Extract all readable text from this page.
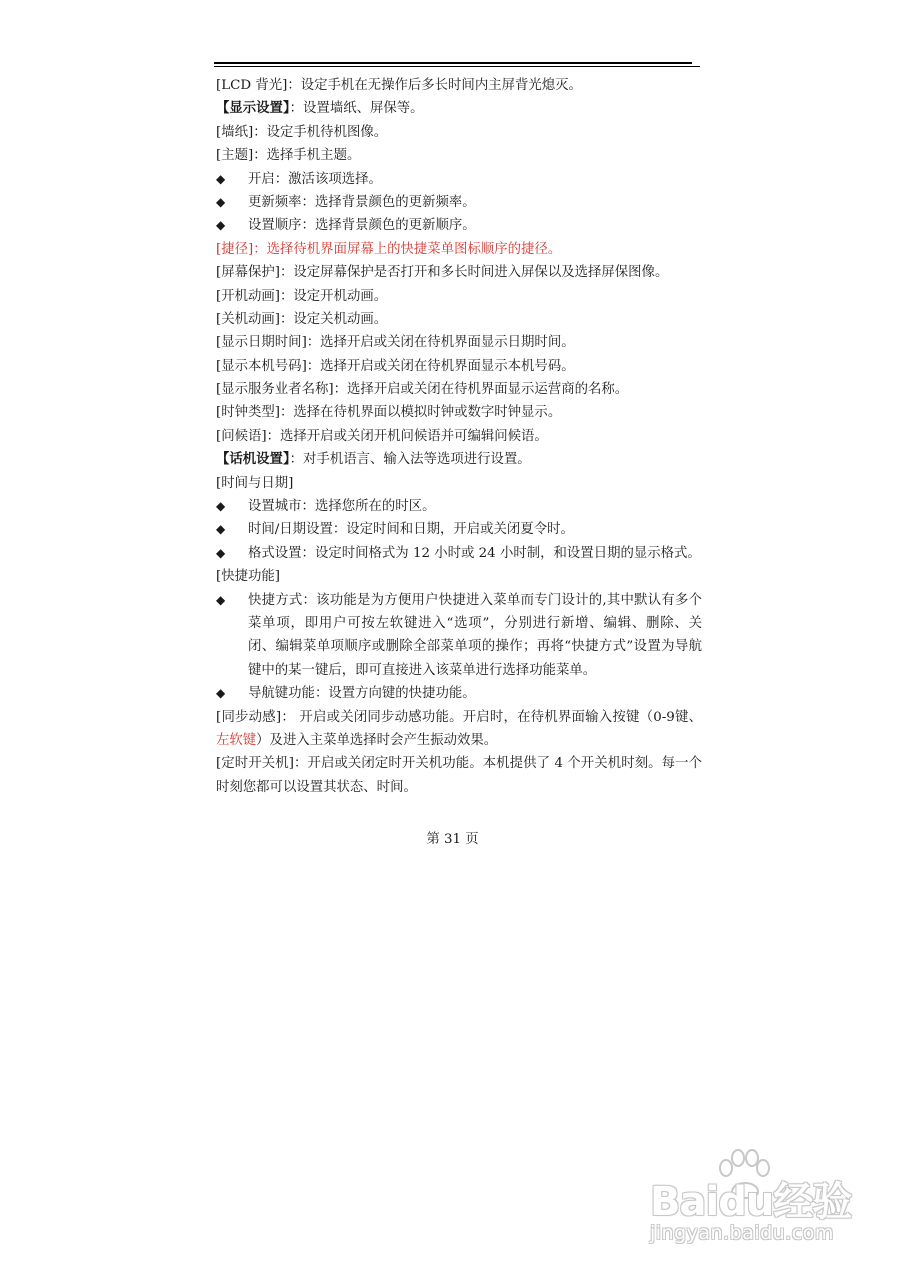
[LCD 背光]：设定手机在无操作后多长时间内主屏背光熄灭。
【显示设置】：设置墙纸、屏保等。
[墙纸]：设定手机待机图像。
[主题]：选择手机主题。
◆ 开启：激活该项选择。
◆ 更新频率：选择背景颜色的更新频率。
◆ 设置顺序：选择背景颜色的更新顺序。
[捷径]：选择待机界面屏幕上的快捷菜单图标顺序的捷径。
[屏幕保护]：设定屏幕保护是否打开和多长时间进入屏保以及选择屏保图像。
[开机动画]：设定开机动画。
[关机动画]：设定关机动画。
[显示日期时间]：选择开启或关闭在待机界面显示日期时间。
[显示本机号码]：选择开启或关闭在待机界面显示本机号码。
[显示服务业者名称]：选择开启或关闭在待机界面显示运营商的名称。
[时钟类型]：选择在待机界面以模拟时钟或数字时钟显示。
[问候语]：选择开启或关闭开机问候语并可编辑问候语。
【话机设置】：对手机语言、输入法等选项进行设置。
[时间与日期]
◆ 设置城市：选择您所在的时区。
◆ 时间/日期设置：设定时间和日期，开启或关闭夏令时。
◆ 格式设置：设定时间格式为 12 小时或 24 小时制，和设置日期的显示格式。
[快捷功能]
◆ 快捷方式：该功能是为方便用户快捷进入菜单而专门设计的,其中默认有多个菜单项，即用户可按左软键进入“选项”，分别进行新增、编辑、删除、关闭、编辑菜单项顺序或删除全部菜单项的操作；再将“快捷方式”设置为导航键中的某一键后，即可直接进入该菜单进行选择功能菜单。
◆ 导航键功能：设置方向键的快捷功能。
[同步动感]： 开启或关闭同步动感功能。开启时，在待机界面输入按键（0-9键、左软键）及进入主菜单选择时会产生振动效果。
[定时开关机]：开启或关闭定时开关机功能。本机提供了 4 个开关机时刻。每一个时刻您都可以设置其状态、时间。
第 31 页
Baidu经验
jingyan.baidu.com
